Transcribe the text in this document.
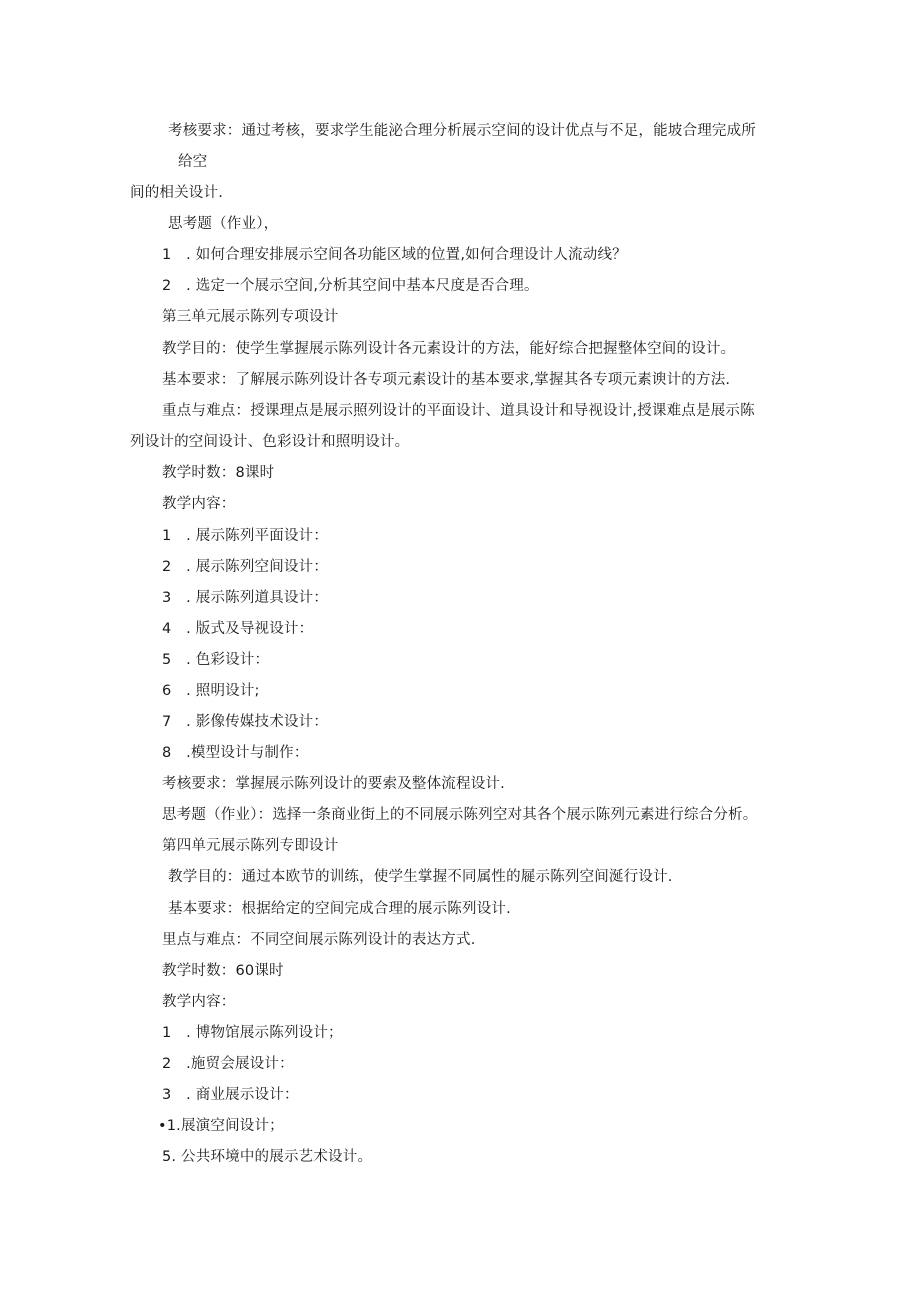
考核要求：通过考核，要求学生能泌合理分析展示空间的设计优点与不足，能坡合理完成所
给空
间的相关设计.
思考题（作业），
1　. 如何合理安排展示空间各功能区域的位置,如何合理设计人流动线？
2　. 选定一个展示空间,分析其空间中基本尺度是否合理。
第三单元展示陈列专项设计
教学目的：使学生掌握展示陈列设计各元素设计的方法，能好综合把握整体空间的设计。
基本要求：了解展示陈列设计各专项元素设计的基本要求,掌握其各专项元素谀计的方法.
重点与难点：授课理点是展示照列设计的平面设计、道具设计和导视设计,授课难点是展示陈
列设计的空间设计、色彩设计和照明设计。
教学时数：8课时
教学内容：
1　. 展示陈列平面设计：
2　. 展示陈列空间设计：
3　. 展示陈列道具设计：
4　. 版式及导视设计：
5　. 色彩设计：
6　. 照明设计;
7　. 影像传媒技术设计：
8　.模型设计与制作：
考核要求：掌握展示陈列设计的要索及整体流程设计.
思考题（作业）：选择一条商业街上的不同展示陈列空对其各个展示陈列元素进行综合分析。
第四单元展示陈列专即设计
教学目的：通过本欧节的训练，使学生掌握不同属性的屣示陈列空间涎行设计.
基本要求：根据给定的空间完成合理的展示陈列设计.
里点与难点：不同空间展示陈列设计的表达方式.
教学时数：60课时
教学内容：
1　. 博物馆展示陈列设计；
2　.施贸会展设计：
3　. 商业展示设计：
•1.展演空间设计；
5. 公共环境中的展示艺术设计。
